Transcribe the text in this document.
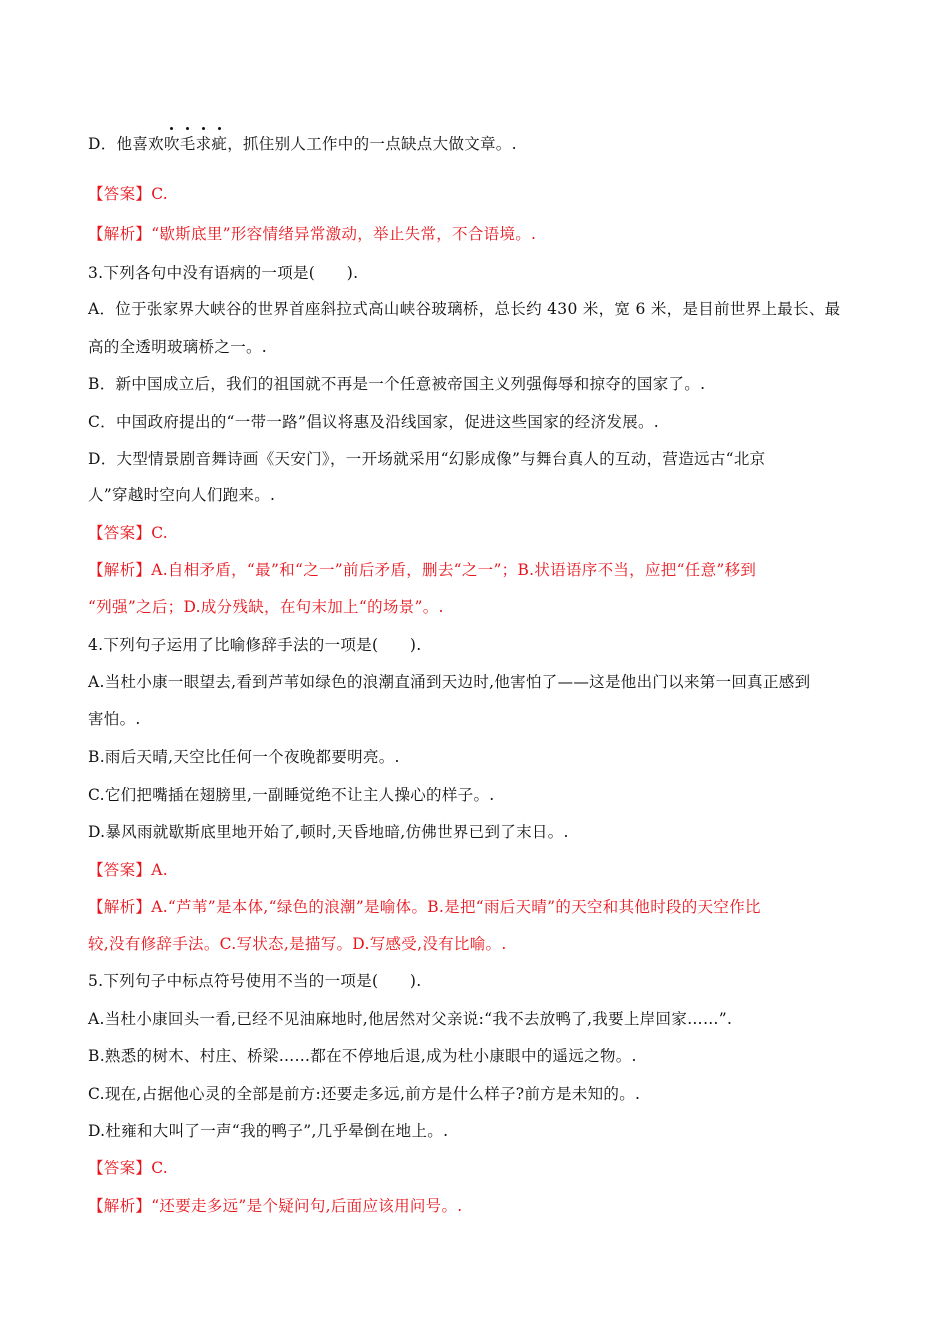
D．他喜欢吹毛求疵，抓住别人工作中的一点缺点大做文章。.
【答案】C.
【解析】“歇斯底里”形容情绪异常激动，举止失常，不合语境。.
3.下列各句中没有语病的一项是(　　).
A．位于张家界大峡谷的世界首座斜拉式高山峡谷玻璃桥，总长约 430 米，宽 6 米，是目前世界上最长、最
高的全透明玻璃桥之一。.
B．新中国成立后，我们的祖国就不再是一个任意被帝国主义列强侮辱和掠夺的国家了。.
C．中国政府提出的“一带一路”倡议将惠及沿线国家，促进这些国家的经济发展。.
D．大型情景剧音舞诗画《天安门》，一开场就采用“幻影成像”与舞台真人的互动，营造远古“北京
人”穿越时空向人们跑来。.
【答案】C.
【解析】A.自相矛盾，“最”和“之一”前后矛盾，删去“之一”；B.状语语序不当，应把“任意”移到
“列强”之后；D.成分残缺，在句末加上“的场景”。.
4.下列句子运用了比喻修辞手法的一项是(　　).
A.当杜小康一眼望去,看到芦苇如绿色的浪潮直涌到天边时,他害怕了——这是他出门以来第一回真正感到
害怕。.
B.雨后天晴,天空比任何一个夜晚都要明亮。.
C.它们把嘴插在翅膀里,一副睡觉绝不让主人操心的样子。.
D.暴风雨就歇斯底里地开始了,顿时,天昏地暗,仿佛世界已到了末日。.
【答案】A.
【解析】A.“芦苇”是本体,“绿色的浪潮”是喻体。B.是把“雨后天晴”的天空和其他时段的天空作比
较,没有修辞手法。C.写状态,是描写。D.写感受,没有比喻。.
5.下列句子中标点符号使用不当的一项是(　　).
A.当杜小康回头一看,已经不见油麻地时,他居然对父亲说:“我不去放鸭了,我要上岸回家……”.
B.熟悉的树木、村庄、桥梁……都在不停地后退,成为杜小康眼中的遥远之物。.
C.现在,占据他心灵的全部是前方:还要走多远,前方是什么样子?前方是未知的。.
D.杜雍和大叫了一声“我的鸭子”,几乎晕倒在地上。.
【答案】C.
【解析】“还要走多远”是个疑问句,后面应该用问号。.
